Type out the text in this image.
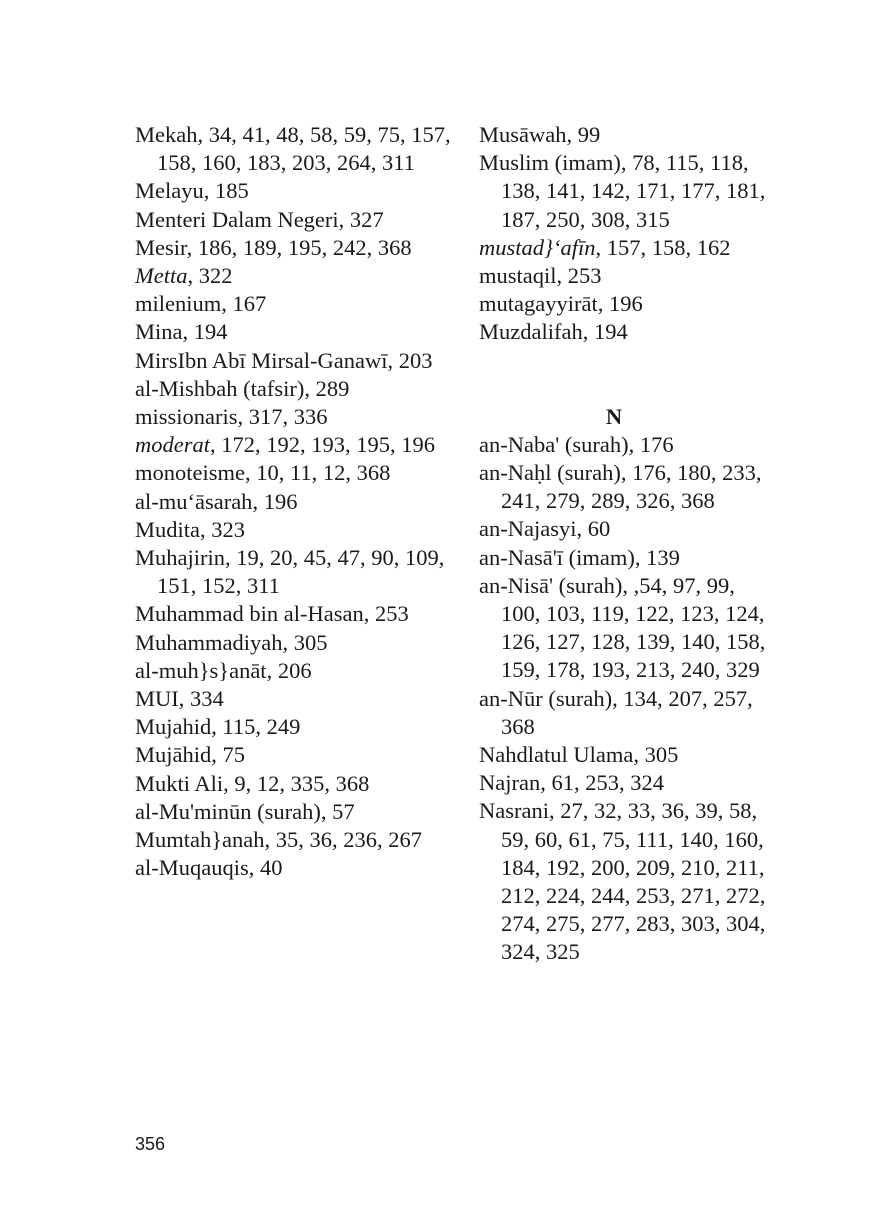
Mekah, 34, 41, 48, 58, 59, 75, 157, 158, 160, 183, 203, 264, 311

Melayu, 185

Menteri Dalam Negeri, 327

Mesir, 186, 189, 195, 242, 368

Metta, 322

milenium, 167

Mina, 194

MirsIbn Abī Mirsal-Ganawī, 203

al-Mishbah (tafsir), 289

missionaris, 317, 336

moderat, 172, 192, 193, 195, 196

monoteisme, 10, 11, 12, 368

al-mu‘āsarah, 196

Mudita, 323

Muhajirin, 19, 20, 45, 47, 90, 109, 151, 152, 311

Muhammad bin al-Hasan, 253

Muhammadiyah, 305

al-muh}s}anāt, 206

MUI, 334

Mujahid, 115, 249

Mujāhid, 75

Mukti Ali, 9, 12, 335, 368

al-Mu'minūn (surah), 57

Mumtah}anah, 35, 36, 236, 267

al-Muqauqis, 40

Musāwah, 99

Muslim (imam), 78, 115, 118, 138, 141, 142, 171, 177, 181, 187, 250, 308, 315

mustad}‘afīn, 157, 158, 162

mustaqil, 253

mutagayyirāt, 196

Muzdalifah, 194

N

an-Naba' (surah), 176

an-Naḥl (surah), 176, 180, 233, 241, 279, 289, 326, 368

an-Najasyi, 60

an-Nasā'ī (imam), 139

an-Nisā' (surah), ,54, 97, 99, 100, 103, 119, 122, 123, 124, 126, 127, 128, 139, 140, 158, 159, 178, 193, 213, 240, 329

an-Nūr (surah), 134, 207, 257, 368

Nahdlatul Ulama, 305

Najran, 61, 253, 324

Nasrani, 27, 32, 33, 36, 39, 58, 59, 60, 61, 75, 111, 140, 160, 184, 192, 200, 209, 210, 211, 212, 224, 244, 253, 271, 272, 274, 275, 277, 283, 303, 304, 324, 325

356
